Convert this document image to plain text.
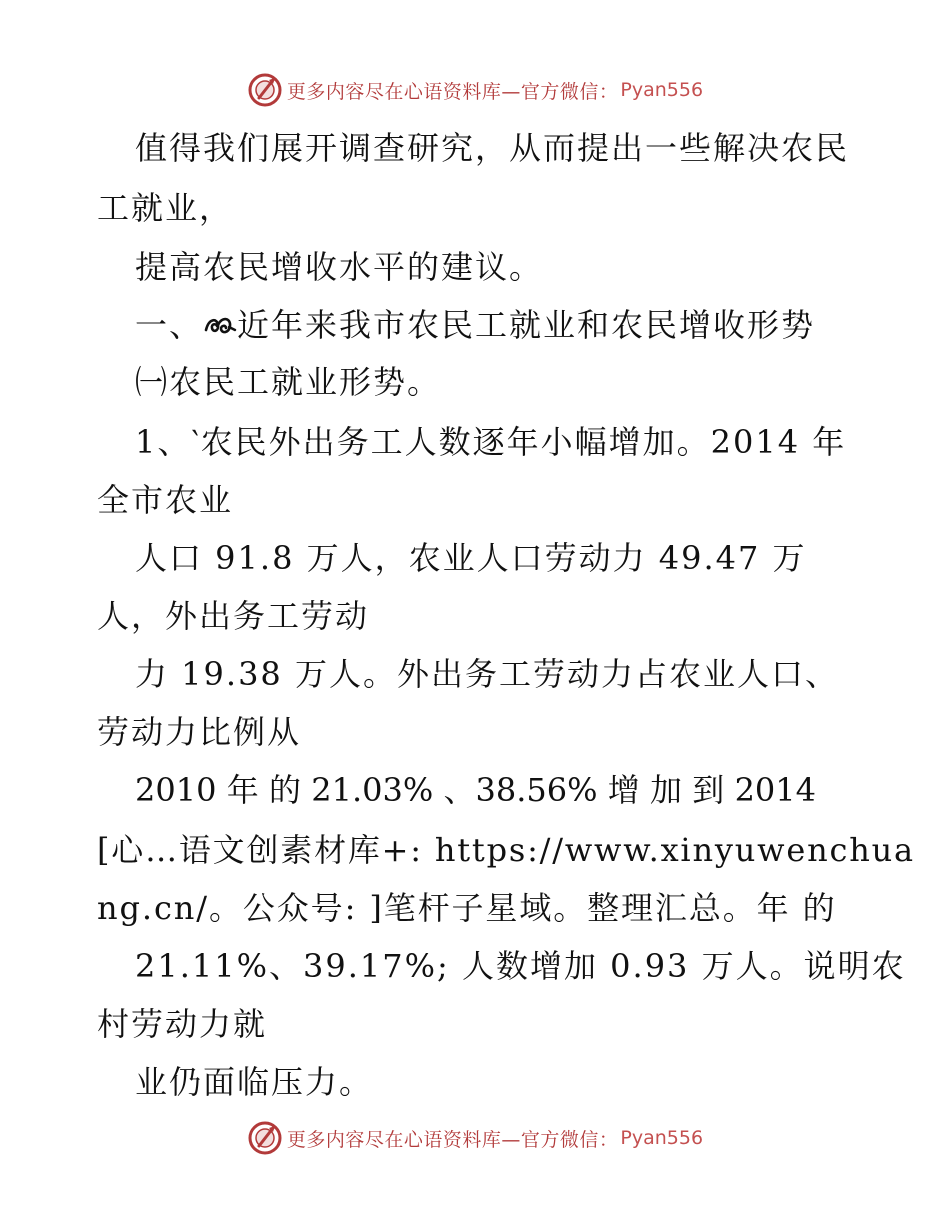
更多内容尽在心语资料库—官方微信： Pyan556
值得我们展开调查研究，从而提出一些解决农民
工就业，
提高农民增收水平的建议。
一、 近年来我市农民工就业和农民增收形势
㈠农民工就业形势。
1、‵农民外出务工人数逐年小幅增加。2014 年
全市农业
人口 91.8 万人，农业人口劳动力 49.47 万
人，外出务工劳动
力 19.38 万人。外出务工劳动力占农业人口、
劳动力比例从
2010 年 的 21.03% 、38.56% 增 加 到 2014
[心…语文创素材库+: https://www.xinyuwenchua
ng.cn/。公众号: ]笔杆子星域。整理汇总。年 的
21.11%、39.17%; 人数增加 0.93 万人。说明农
村劳动力就
业仍面临压力。
更多内容尽在心语资料库—官方微信： Pyan556
